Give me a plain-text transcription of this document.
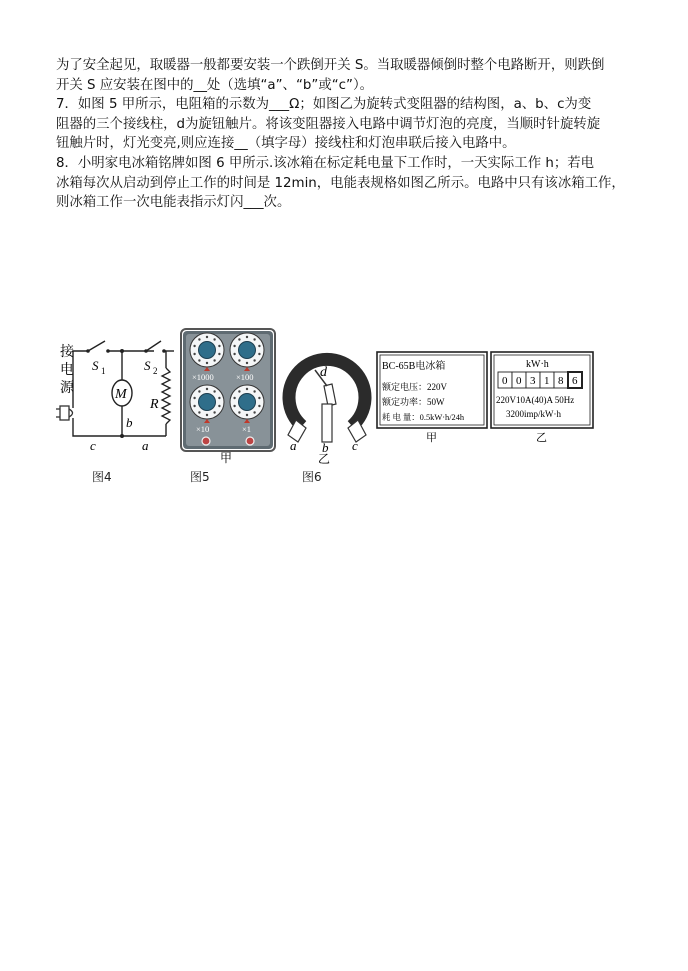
为了安全起见，取暖器一般都要安装一个跌倒开关 S。当取暖器倾倒时整个电路断开，则跌倒

开关 S 应安装在图中的__处（选填“a”、“b”或“c”）。

7．如图 5 甲所示，电阻箱的示数为___Ω；如图乙为旋转式变阻器的结构图，a、b、c为变

阻器的三个接线柱，d为旋钮触片。将该变阻器接入电路中调节灯泡的亮度，当顺时针旋转旋

钮触片时，灯光变亮,则应连接__（填字母）接线柱和灯泡串联后接入电路中。

8．小明家电冰箱铭牌如图 6 甲所示.该冰箱在标定耗电量下工作时，一天实际工作 h；若电

冰箱每次从启动到停止工作的时间是 12min，电能表规格如图乙所示。电路中只有该冰箱工作，

则冰箱工作一次电能表指示灯闪___次。

接
电
源
S 1	S 2
M
R
b
c	a
图4
×1000	×100
×10	×1
甲
图5
d
a b c
乙
图6
BC-65B电冰箱
额定电压：220V
额定功率：50W
耗 电 量：0.5kW·h/24h
甲
kW·h
0 0 3 1 8 6
220V10A(40)A 50Hz
3200imp/kW·h
乙
